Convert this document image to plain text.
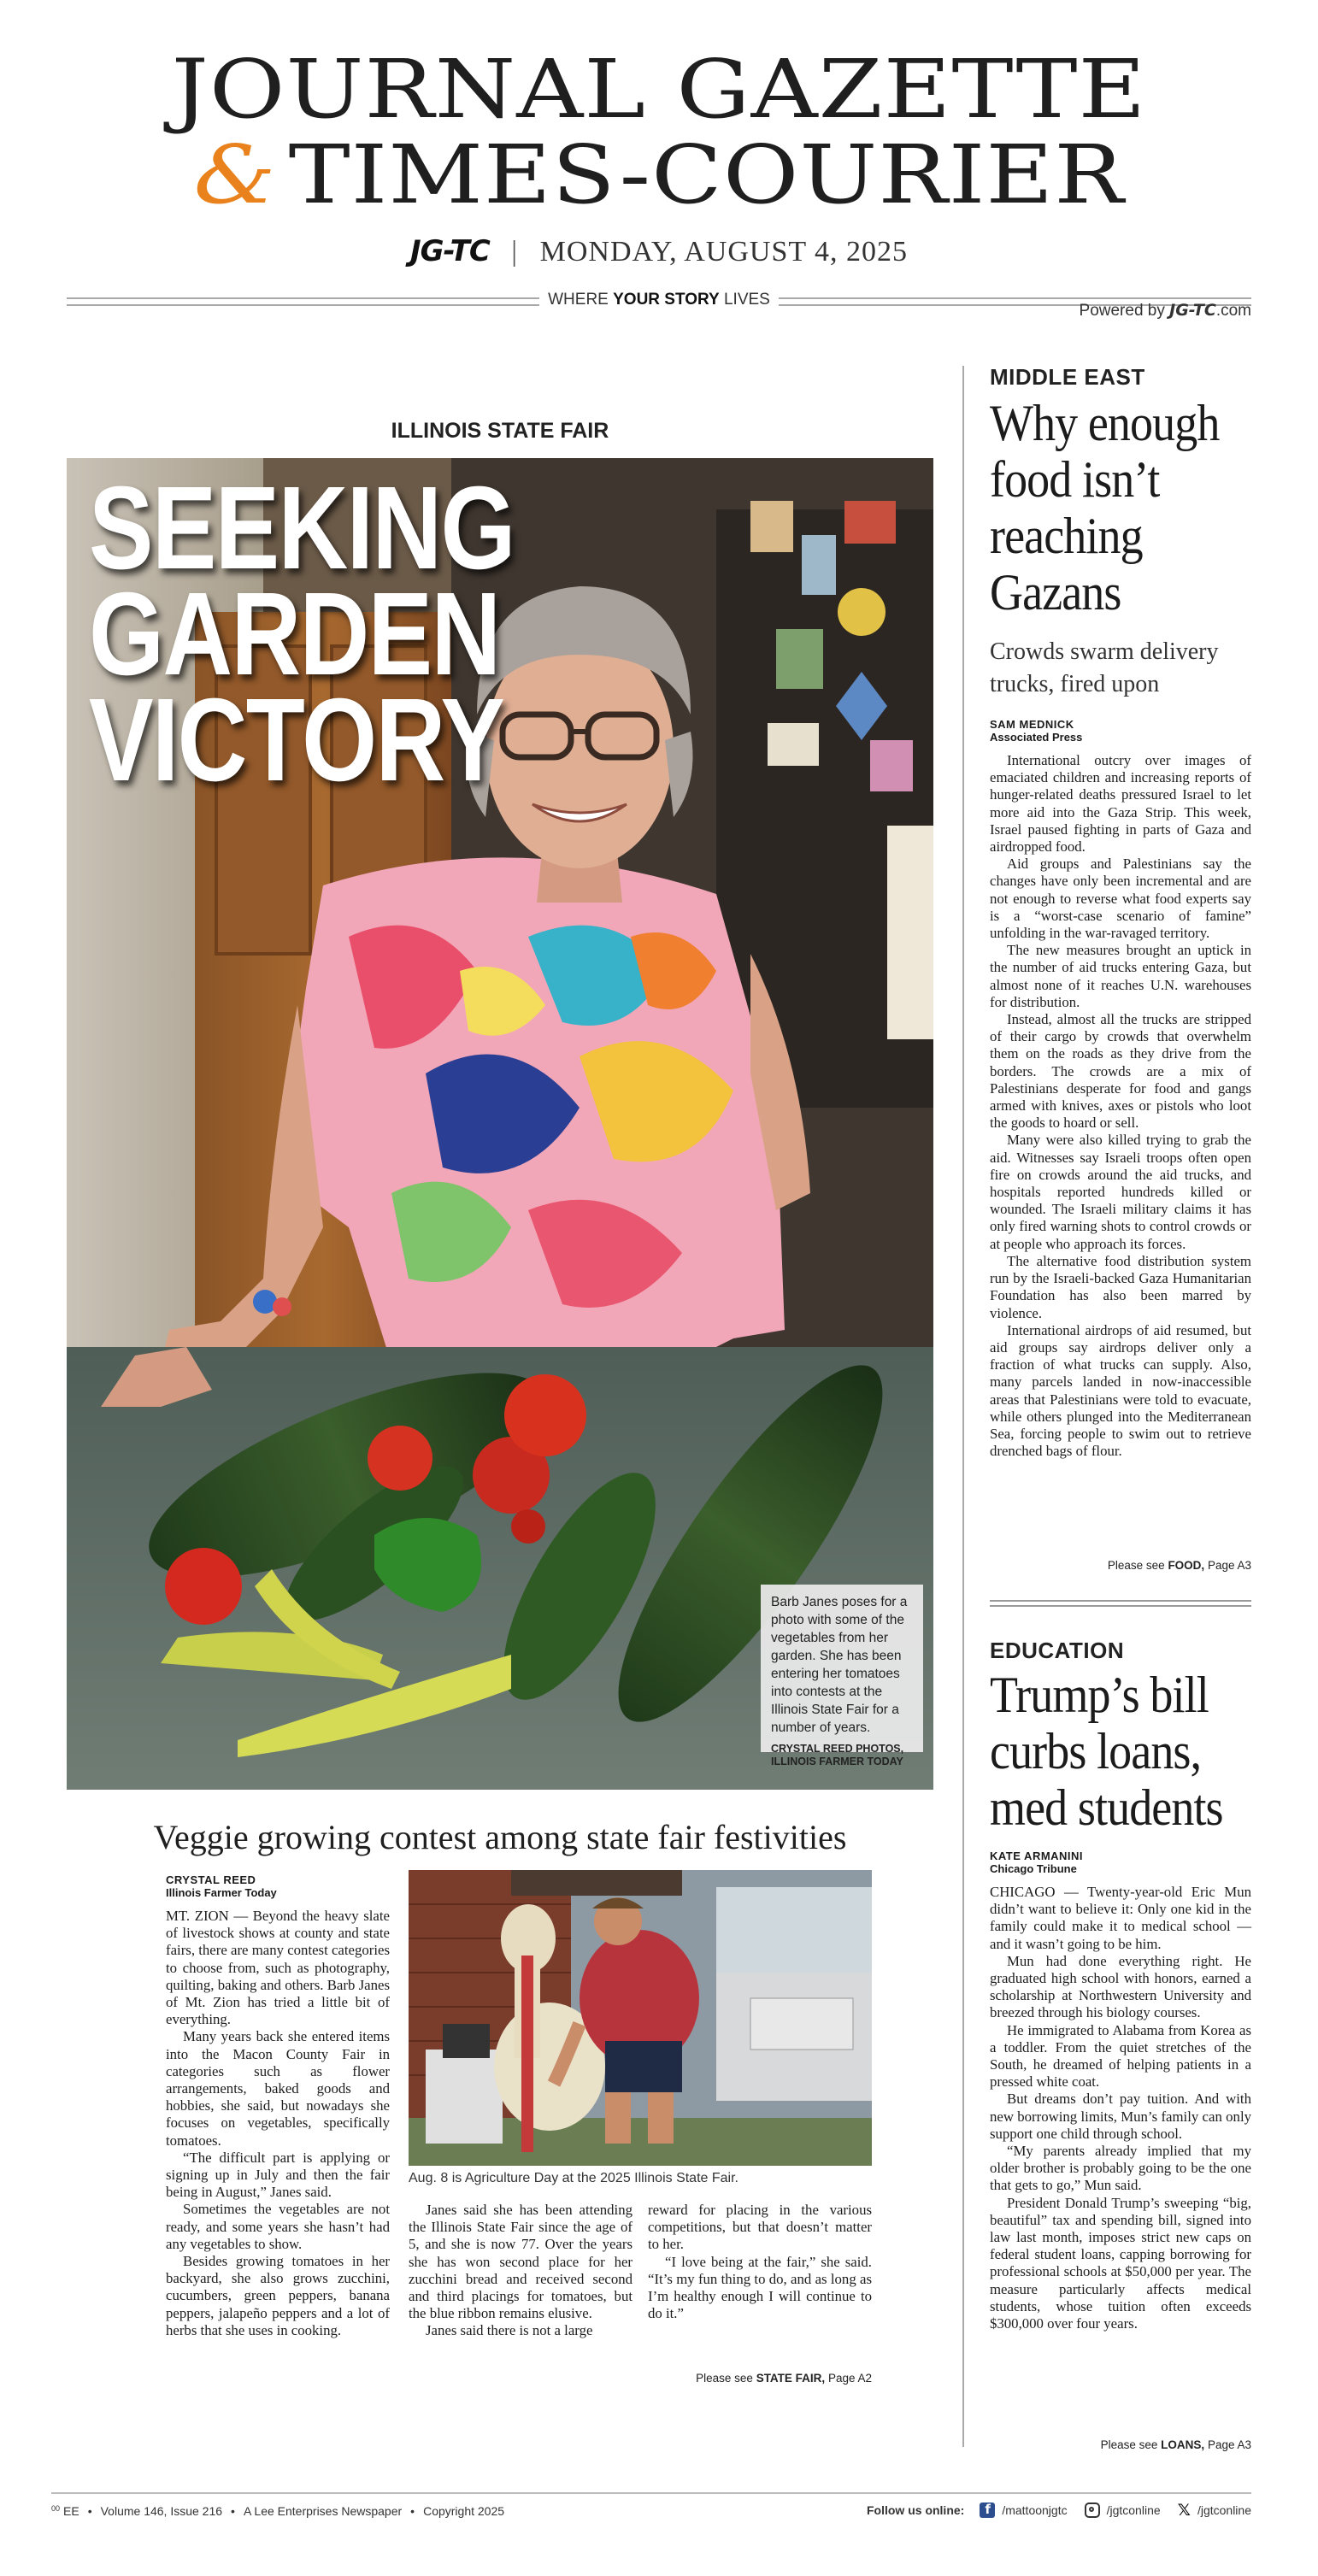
JOURNAL GAZETTE
& TIMES-COURIER
JG-TC | MONDAY, AUGUST 4, 2025
WHERE YOUR STORY LIVES
Powered by JG-TC.com
ILLINOIS STATE FAIR
SEEKING
GARDEN
VICTORY
Barb Janes poses for a photo with some of the vegetables from her garden. She has been entering her tomatoes into contests at the Illinois State Fair for a number of years.
CRYSTAL REED PHOTOS,
ILLINOIS FARMER TODAY
Veggie growing contest among state fair festivities
CRYSTAL REED
Illinois Farmer Today

MT. ZION — Beyond the heavy slate of livestock shows at county and state fairs, there are many contest categories to choose from, such as photography, quilting, baking and others. Barb Janes of Mt. Zion has tried a little bit of everything.

Many years back she entered items into the Macon County Fair in categories such as flower arrangements, baked goods and hobbies, she said, but nowadays she focuses on vegetables, specifically tomatoes.

“The difficult part is applying or signing up in July and then the fair being in August,” Janes said.

Sometimes the vegetables are not ready, and some years she hasn’t had any vegetables to show.

Besides growing tomatoes in her backyard, she also grows zucchini, cucumbers, green peppers, banana peppers, jalapeño peppers and a lot of herbs that she uses in cooking.

Aug. 8 is Agriculture Day at the 2025 Illinois State Fair.

Janes said she has been attending the Illinois State Fair since the age of 5, and she is now 77. Over the years she has won second place for her zucchini bread and received second and third placings for tomatoes, but the blue ribbon remains elusive.

Janes said there is not a large

reward for placing in the various competitions, but that doesn’t matter to her.

“I love being at the fair,” she said. “It’s my fun thing to do, and as long as I’m healthy enough I will continue to do it.”

Please see STATE FAIR, Page A2
MIDDLE EAST
Why enough
food isn’t
reaching
Gazans
Crowds swarm delivery trucks, fired upon
SAM MEDNICK
Associated Press

International outcry over images of emaciated children and increasing reports of hunger-related deaths pressured Israel to let more aid into the Gaza Strip. This week, Israel paused fighting in parts of Gaza and airdropped food.

Aid groups and Palestinians say the changes have only been incremental and are not enough to reverse what food experts say is a “worst-case scenario of famine” unfolding in the war-ravaged territory.

The new measures brought an uptick in the number of aid trucks entering Gaza, but almost none of it reaches U.N. warehouses for distribution.

Instead, almost all the trucks are stripped of their cargo by crowds that overwhelm them on the roads as they drive from the borders. The crowds are a mix of Palestinians desperate for food and gangs armed with knives, axes or pistols who loot the goods to hoard or sell.

Many were also killed trying to grab the aid. Witnesses say Israeli troops often open fire on crowds around the aid trucks, and hospitals reported hundreds killed or wounded. The Israeli military claims it has only fired warning shots to control crowds or at people who approach its forces.

The alternative food distribution system run by the Israeli-backed Gaza Humanitarian Foundation has also been marred by violence.

International airdrops of aid resumed, but aid groups say airdrops deliver only a fraction of what trucks can supply. Also, many parcels landed in now-inaccessible areas that Palestinians were told to evacuate, while others plunged into the Mediterranean Sea, forcing people to swim out to retrieve drenched bags of flour.

Please see FOOD, Page A3
EDUCATION
Trump’s bill
curbs loans,
med students
KATE ARMANINI
Chicago Tribune

CHICAGO — Twenty-year-old Eric Mun didn’t want to believe it: Only one kid in the family could make it to medical school — and it wasn’t going to be him.

Mun had done everything right. He graduated high school with honors, earned a scholarship at Northwestern University and breezed through his biology courses.

He immigrated to Alabama from Korea as a toddler. From the quiet stretches of the South, he dreamed of helping patients in a pressed white coat.

But dreams don’t pay tuition. And with new borrowing limits, Mun’s family can only support one child through school.

“My parents already implied that my older brother is probably going to be the one that gets to go,” Mun said.

President Donald Trump’s sweeping “big, beautiful” tax and spending bill, signed into law last month, imposes strict new caps on federal student loans, capping borrowing for professional schools at $50,000 per year. The measure particularly affects medical students, whose tuition often exceeds $300,000 over four years.

Please see LOANS, Page A3
$^{00}$ EE • Volume 146, Issue 216 • A Lee Enterprises Newspaper • Copyright 2025	Follow us online:
f	/mattoonjgtc	/jgtconline 𝕏 /jgtconline
